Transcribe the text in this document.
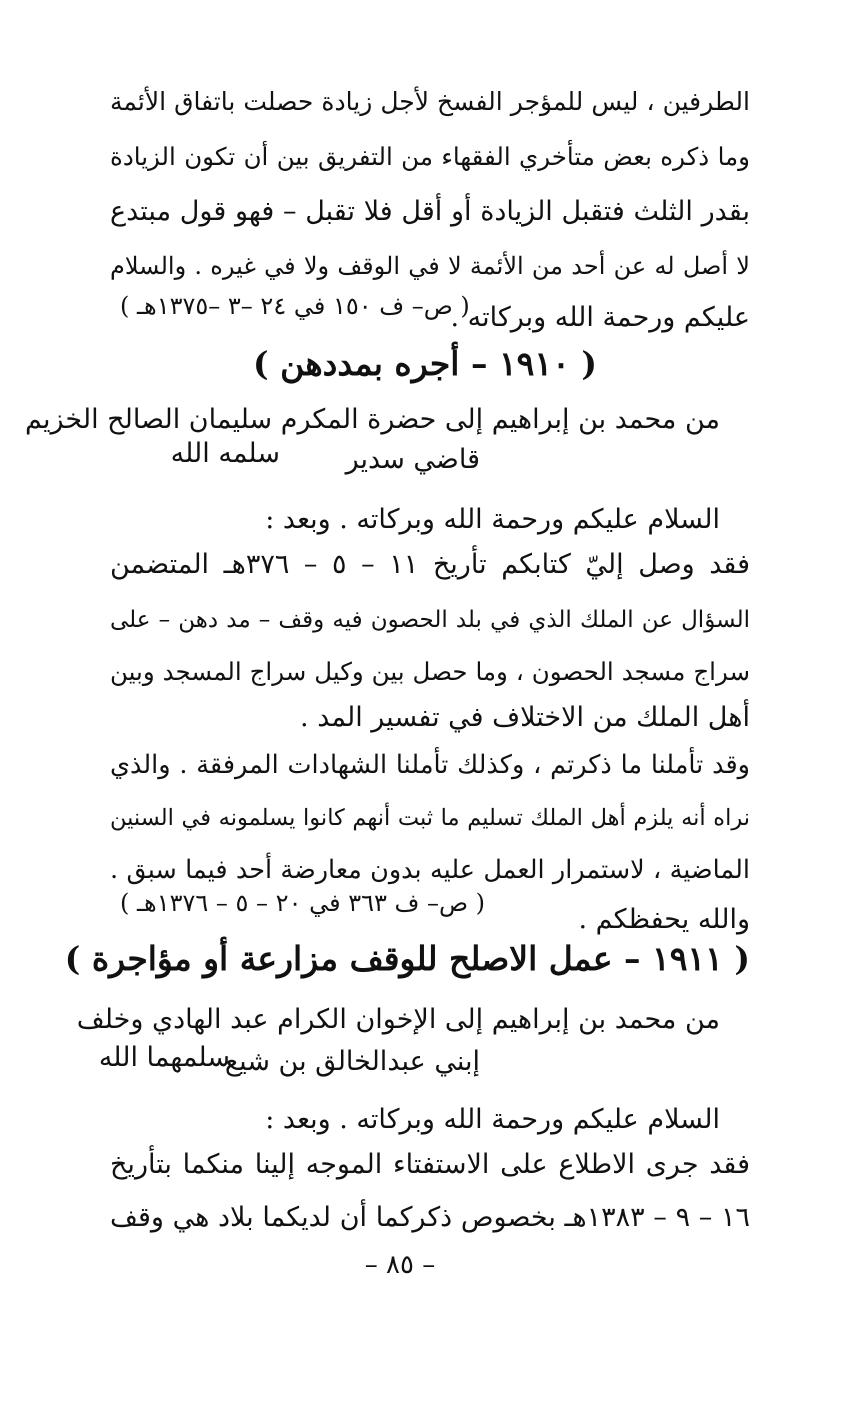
الطرفين ، ليس للمؤجر الفسخ لأجل زيادة حصلت باتفاق الأئمة
وما ذكره بعض متأخري الفقهاء من التفريق بين أن تكون الزيادة
بقدر الثلث فتقبل الزيادة أو أقل فلا تقبل – فهو قول مبتدع
لا أصل له عن أحد من الأئمة لا في الوقف ولا في غيره . والسلام
عليكم ورحمة الله وبركاته .
( ص– ف ١٥٠ في ٢٤ –٣ –١٣٧٥هـ )
( ١٩١٠ – أجره بمددهن )
من محمد بن إبراهيم إلى حضرة المكرم سليمان الصالح الخزيم
قاضي سدير
سلمه الله
السلام عليكم ورحمة الله وبركاته . وبعد :
فقد وصل إليّ كتابكم تأريخ ١١ – ٥ – ٣٧٦هـ المتضمن
السؤال عن الملك الذي في بلد الحصون فيه وقف – مد دهن – على
سراج مسجد الحصون ، وما حصل بين وكيل سراج المسجد وبين
أهل الملك من الاختلاف في تفسير المد .
وقد تأملنا ما ذكرتم ، وكذلك تأملنا الشهادات المرفقة . والذي
نراه أنه يلزم أهل الملك تسليم ما ثبت أنهم كانوا يسلمونه في السنين
الماضية ، لاستمرار العمل عليه بدون معارضة أحد فيما سبق .
والله يحفظكم .
( ص– ف ٣٦٣ في ٢٠ – ٥ – ١٣٧٦هـ )
( ١٩١١ – عمل الاصلح للوقف مزارعة أو مؤاجرة )
من محمد بن إبراهيم إلى الإخوان الكرام عبد الهادي وخلف
إبني عبدالخالق بن شيع
سلمهما الله
السلام عليكم ورحمة الله وبركاته . وبعد :
فقد جرى الاطلاع على الاستفتاء الموجه إلينا منكما بتأريخ
١٦ – ٩ – ١٣٨٣هـ بخصوص ذكركما أن لديكما بلاد هي وقف
– ٨٥ –
